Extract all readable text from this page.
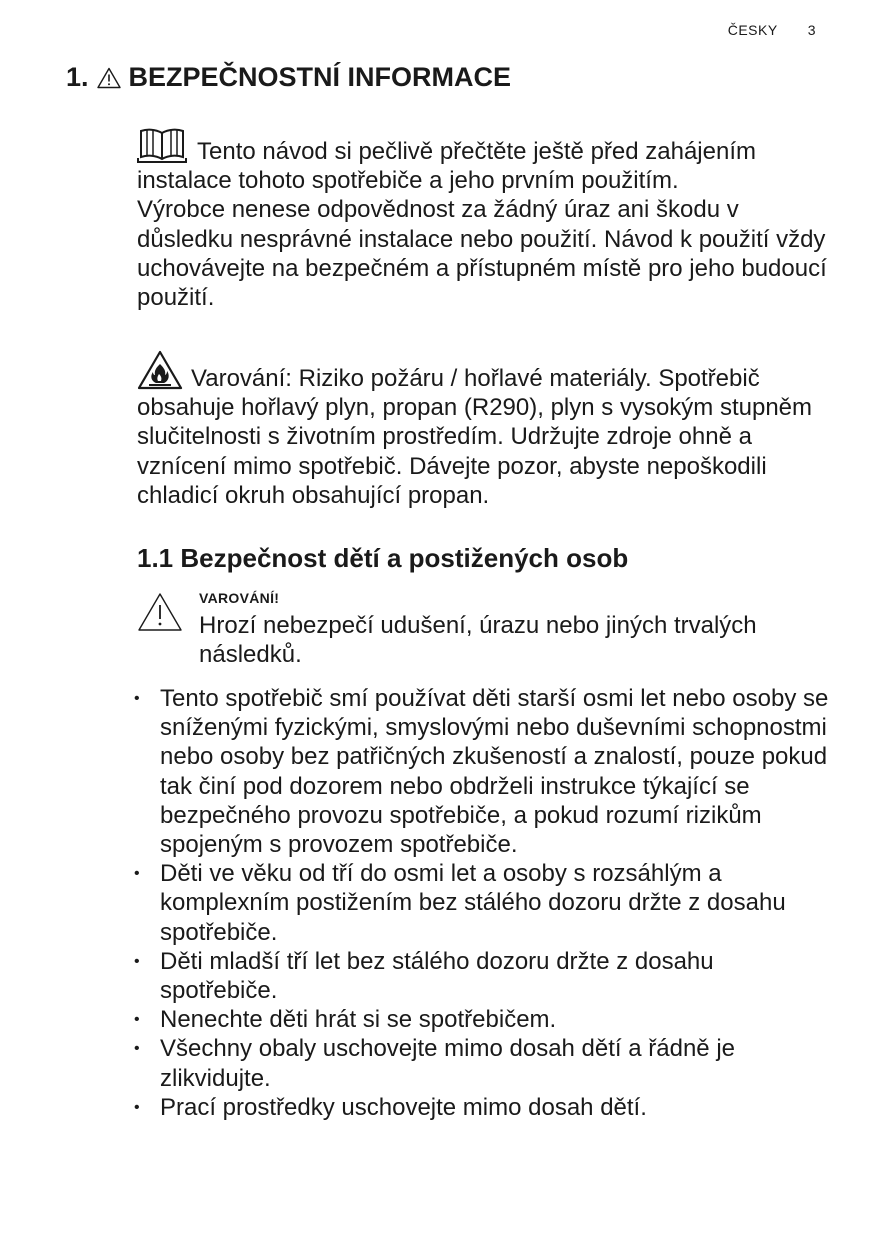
ČESKY 3
1. BEZPEČNOSTNÍ INFORMACE

Tento návod si pečlivě přečtěte ještě před zahájením instalace tohoto spotřebiče a jeho prvním použitím.

Výrobce nenese odpovědnost za žádný úraz ani škodu v důsledku nesprávné instalace nebo použití. Návod k použití vždy uchovávejte na bezpečném a přístupném místě pro jeho budoucí použití.

Varování: Riziko požáru / hořlavé materiály. Spotřebič obsahuje hořlavý plyn, propan (R290), plyn s vysokým stupněm slučitelnosti s životním prostředím. Udržujte zdroje ohně a vznícení mimo spotřebič. Dávejte pozor, abyste nepoškodili chladicí okruh obsahující propan.

1.1 Bezpečnost dětí a postižených osob
VAROVÁNÍ!
Hrozí nebezpečí udušení, úrazu nebo jiných trvalých následků.
• Tento spotřebič smí používat děti starší osmi let nebo osoby se sníženými fyzickými, smyslovými nebo duševními schopnostmi nebo osoby bez patřičných zkušeností a znalostí, pouze pokud tak činí pod dozorem nebo obdrželi instrukce týkající se bezpečného provozu spotřebiče, a pokud rozumí rizikům spojeným s provozem spotřebiče.
• Děti ve věku od tří do osmi let a osoby s rozsáhlým a komplexním postižením bez stálého dozoru držte z dosahu spotřebiče.
• Děti mladší tří let bez stálého dozoru držte z dosahu spotřebiče.
• Nenechte děti hrát si se spotřebičem.
• Všechny obaly uschovejte mimo dosah dětí a řádně je zlikvidujte.
• Prací prostředky uschovejte mimo dosah dětí.
